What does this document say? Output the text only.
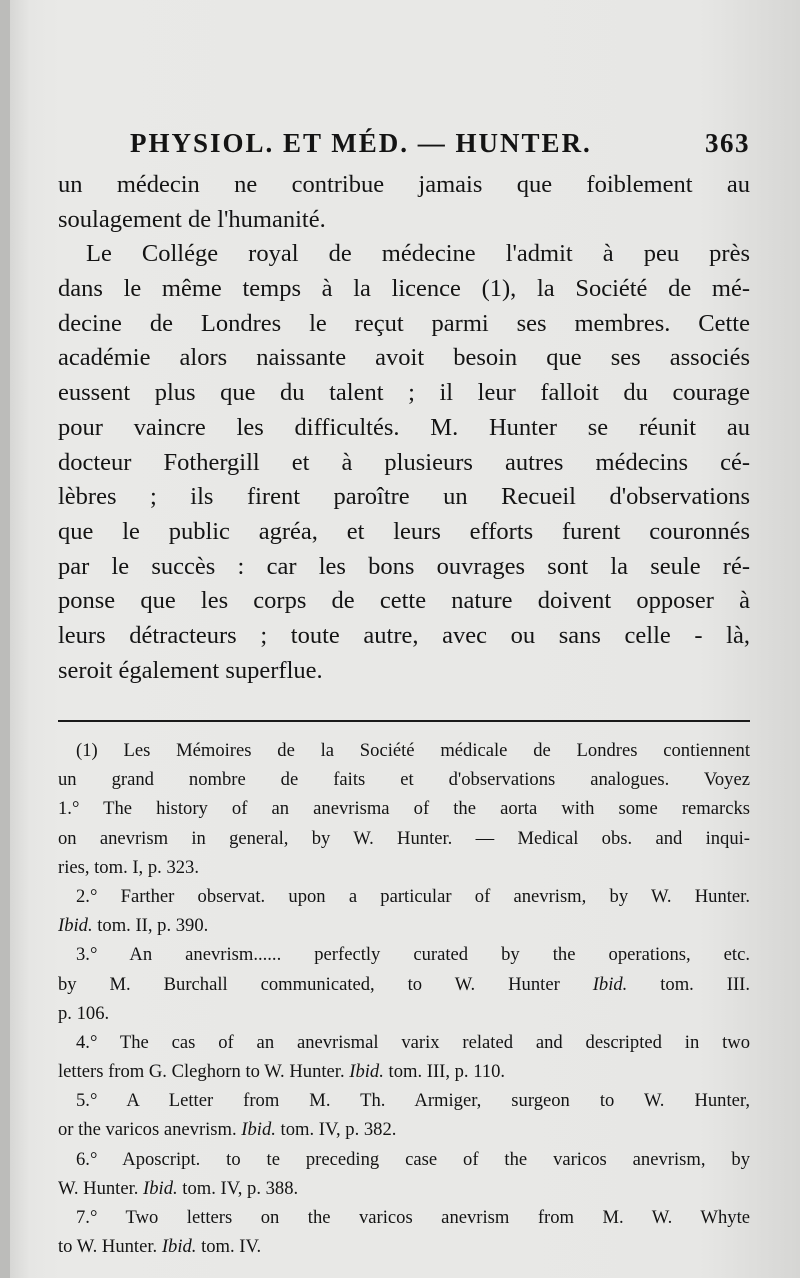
PHYSIOL. ET MÉD. — HUNTER.	363
un médecin ne contribue jamais que foiblement au
soulagement de l'humanité.
Le Collége royal de médecine l'admit à peu près
dans le même temps à la licence (1), la Société de mé-
decine de Londres le reçut parmi ses membres. Cette
académie alors naissante avoit besoin que ses associés
eussent plus que du talent ; il leur falloit du courage
pour vaincre les difficultés. M. Hunter se réunit au
docteur Fothergill et à plusieurs autres médecins cé-
lèbres ; ils firent paroître un Recueil d'observations
que le public agréa, et leurs efforts furent couronnés
par le succès : car les bons ouvrages sont la seule ré-
ponse que les corps de cette nature doivent opposer à
leurs détracteurs ; toute autre, avec ou sans celle - là,
seroit également superflue.
(1) Les Mémoires de la Société médicale de Londres contiennent
un grand nombre de faits et d'observations analogues. Voyez
1.° The history of an anevrisma of the aorta with some remarcks
on anevrism in general, by W. Hunter. — Medical obs. and inqui-
ries, tom. I, p. 323.
2.° Farther observat. upon a particular of anevrism, by W. Hunter.
Ibid. tom. II, p. 390.
3.° An anevrism...... perfectly curated by the operations, etc.
by M. Burchall communicated, to W. Hunter Ibid. tom. III.
p. 106.
4.° The cas of an anevrismal varix related and descripted in two
letters from G. Cleghorn to W. Hunter. Ibid. tom. III, p. 110.
5.° A Letter from M. Th. Armiger, surgeon to W. Hunter,
or the varicos anevrism. Ibid. tom. IV, p. 382.
6.° Aposcript. to te preceding case of the varicos anevrism, by
W. Hunter. Ibid. tom. IV, p. 388.
7.° Two letters on the varicos anevrism from M. W. Whyte
to W. Hunter. Ibid. tom. IV.
